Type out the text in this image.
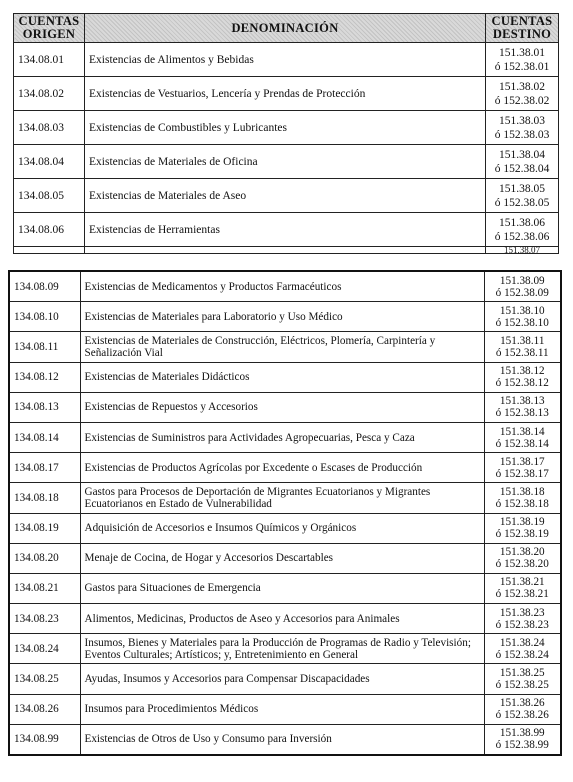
CUENTAS ORIGEN	DENOMINACIÓN	CUENTAS DESTINO
134.08.01	Existencias de Alimentos y Bebidas	151.38.01
ó 152.38.01

134.08.02	Existencias de Vestuarios, Lencería y Prendas de Protección	151.38.02
ó 152.38.02

134.08.03	Existencias de Combustibles y Lubricantes	151.38.03
ó 152.38.03

134.08.04	Existencias de Materiales de Oficina	151.38.04
ó 152.38.04

134.08.05	Existencias de Materiales de Aseo	151.38.05
ó 152.38.05

134.08.06	Existencias de Herramientas	151.38.06
ó 152.38.06

		151.38.07
134.08.09	Existencias de Medicamentos y Productos Farmacéuticos	151.38.09
ó 152.38.09

134.08.10	Existencias de Materiales para Laboratorio y Uso Médico	151.38.10
ó 152.38.10

134.08.11	Existencias de Materiales de Construcción, Eléctricos, Plomería, Carpintería y Señalización Vial	151.38.11
ó 152.38.11

134.08.12	Existencias de Materiales Didácticos	151.38.12
ó 152.38.12

134.08.13	Existencias de Repuestos y Accesorios	151.38.13
ó 152.38.13

134.08.14	Existencias de Suministros para Actividades Agropecuarias, Pesca y Caza	151.38.14
ó 152.38.14

134.08.17	Existencias de Productos Agrícolas por Excedente o Escases de Producción	151.38.17
ó 152.38.17

134.08.18	Gastos para Procesos de Deportación de Migrantes Ecuatorianos y Migrantes Ecuatorianos en Estado de Vulnerabilidad	151.38.18
ó 152.38.18

134.08.19	Adquisición de Accesorios e Insumos Químicos y Orgánicos	151.38.19
ó 152.38.19

134.08.20	Menaje de Cocina, de Hogar y Accesorios Descartables	151.38.20
ó 152.38.20

134.08.21	Gastos para Situaciones de Emergencia	151.38.21
ó 152.38.21

134.08.23	Alimentos, Medicinas, Productos de Aseo y Accesorios para Animales	151.38.23
ó 152.38.23

134.08.24	Insumos, Bienes y Materiales para la Producción de Programas de Radio y Televisión; Eventos Culturales; Artísticos; y, Entretenimiento en General	151.38.24
ó 152.38.24

134.08.25	Ayudas, Insumos y Accesorios para Compensar Discapacidades	151.38.25
ó 152.38.25

134.08.26	Insumos para Procedimientos Médicos	151.38.26
ó 152.38.26

134.08.99	Existencias de Otros de Uso y Consumo para Inversión	151.38.99
ó 152.38.99
